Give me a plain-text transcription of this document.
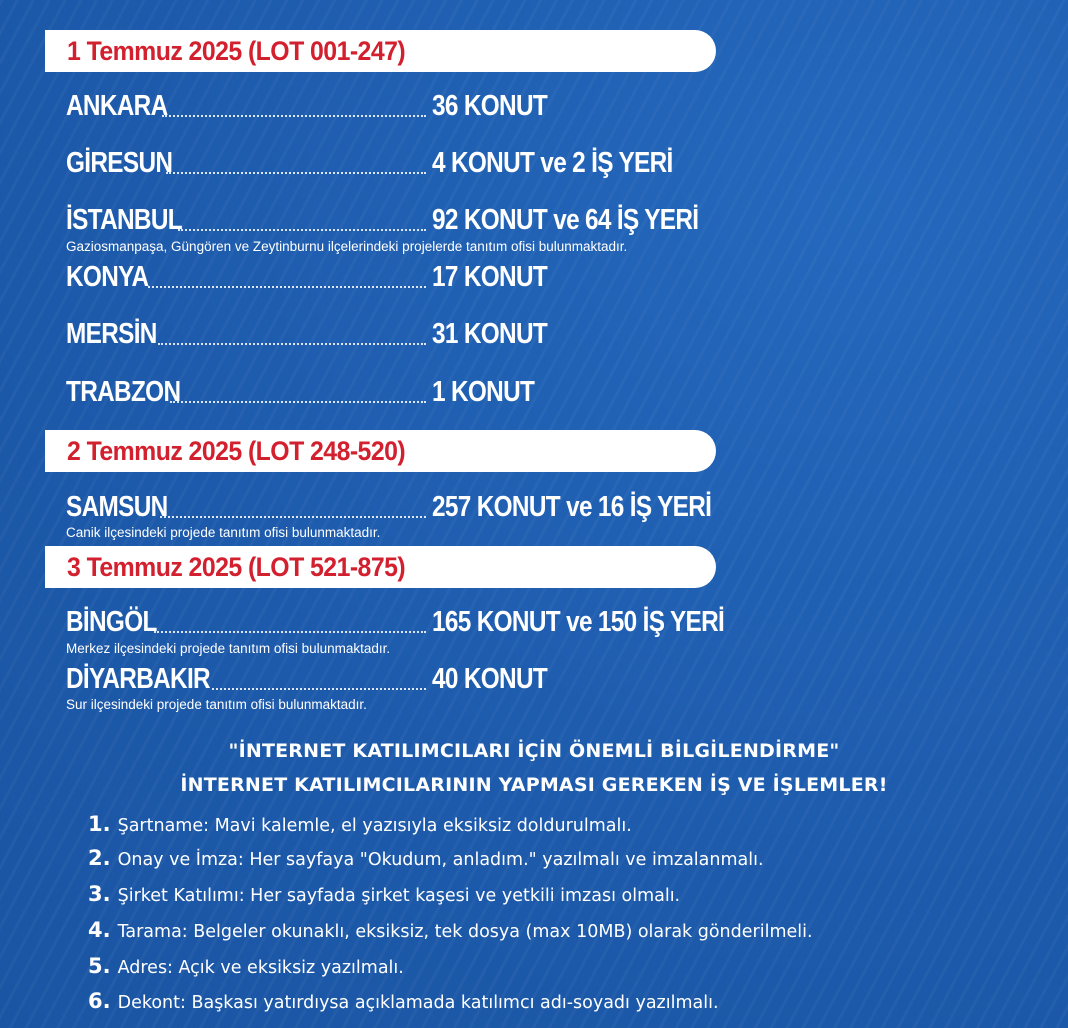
1 Temmuz 2025 (LOT 001-247)
ANKARA	36 KONUT
GİRESUN	4 KONUT ve 2 İŞ YERİ
İSTANBUL	92 KONUT ve 64 İŞ YERİ
Gaziosmanpaşa, Güngören ve Zeytinburnu ilçelerindeki projelerde tanıtım ofisi bulunmaktadır.
KONYA	17 KONUT
MERSİN	31 KONUT
TRABZON	1 KONUT
2 Temmuz 2025 (LOT 248-520)
SAMSUN	257 KONUT ve 16 İŞ YERİ
Canik ilçesindeki projede tanıtım ofisi bulunmaktadır.
3 Temmuz 2025 (LOT 521-875)
BİNGÖL	165 KONUT ve 150 İŞ YERİ
Merkez ilçesindeki projede tanıtım ofisi bulunmaktadır.
DİYARBAKIR	40 KONUT
Sur ilçesindeki projede tanıtım ofisi bulunmaktadır.
"İNTERNET KATILIMCILARI İÇİN ÖNEMLİ BİLGİLENDİRME"
İNTERNET KATILIMCILARININ YAPMASI GEREKEN İŞ VE İŞLEMLER!
1. Şartname: Mavi kalemle, el yazısıyla eksiksiz doldurulmalı.
2. Onay ve İmza: Her sayfaya "Okudum, anladım." yazılmalı ve imzalanmalı.
3. Şirket Katılımı: Her sayfada şirket kaşesi ve yetkili imzası olmalı.
4. Tarama: Belgeler okunaklı, eksiksiz, tek dosya (max 10MB) olarak gönderilmeli.
5. Adres: Açık ve eksiksiz yazılmalı.
6. Dekont: Başkası yatırdıysa açıklamada katılımcı adı-soyadı yazılmalı.
